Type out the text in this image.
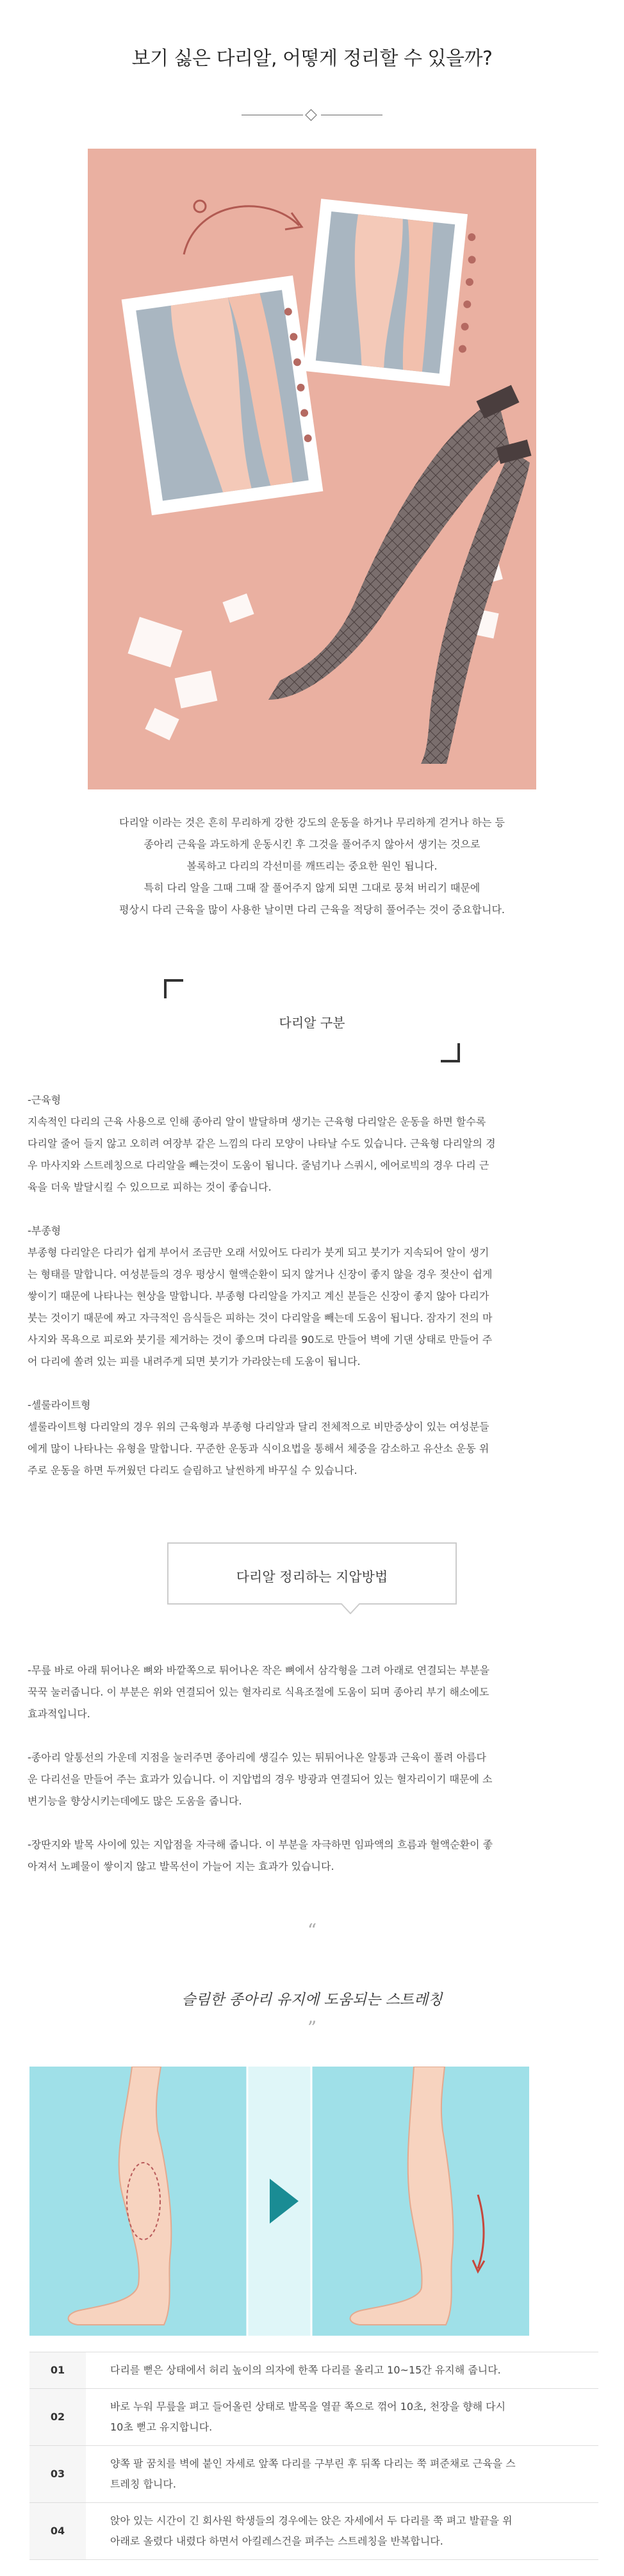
보기 싫은 다리알, 어떻게 정리할 수 있을까?

다리알 이라는 것은 흔히 무리하게 강한 강도의 운동을 하거나 무리하게 걷거나 하는 등

종아리 근육을 과도하게 운동시킨 후 그것을 풀어주지 않아서 생기는 것으로

볼록하고 다리의 각선미를 깨뜨리는 중요한 원인 됩니다.

특히 다리 알을 그때 그때 잘 풀어주지 않게 되면 그대로 뭉쳐 버리기 때문에

평상시 다리 근육을 많이 사용한 날이면 다리 근육을 적당히 풀어주는 것이 중요합니다.

다리알 구분

-근육형

지속적인 다리의 근육 사용으로 인해 종아리 알이 발달하며 생기는 근육형 다리알은 운동을 하면 할수록

다리알 줄어 들지 않고 오히려 여장부 같은 느낌의 다리 모양이 나타날 수도 있습니다. 근육형 다리알의 경

우 마사지와 스트레칭으로 다리알을 빼는것이 도움이 됩니다. 줄넘기나 스쿼시, 에어로빅의 경우 다리 근

육을 더욱 발달시킬 수 있으므로 피하는 것이 좋습니다.

-부종형

부종형 다리알은 다리가 쉽게 부어서 조금만 오래 서있어도 다리가 붓게 되고 붓기가 지속되어 알이 생기

는 형태를 말합니다. 여성분들의 경우 평상시 혈액순환이 되지 않거나 신장이 좋지 않을 경우 젖산이 쉽게

쌓이기 때문에 나타나는 현상을 말합니다. 부종형 다리알을 가지고 계신 분들은 신장이 좋지 않아 다리가

붓는 것이기 때문에 짜고 자극적인 음식들은 피하는 것이 다리알을 빼는데 도움이 됩니다. 잠자기 전의 마

사지와 목욕으로 피로와 붓기를 제거하는 것이 좋으며 다리를 90도로 만들어 벽에 기댄 상태로 만들어 주

어 다리에 쏠려 있는 피를 내려주게 되면 붓기가 가라앉는데 도움이 됩니다.

-셀룰라이트형

셀룰라이트형 다리알의 경우 위의 근육형과 부종형 다리알과 달리 전체적으로 비만증상이 있는 여성분들

에게 많이 나타나는 유형을 말합니다. 꾸준한 운동과 식이요법을 통해서 체중을 감소하고 유산소 운동 위

주로 운동을 하면 두꺼웠던 다리도 슬림하고 날씬하게 바꾸실 수 있습니다.

다리알 정리하는 지압방법

-무릎 바로 아래 튀어나온 뼈와 바깥쪽으로 튀어나온 작은 뼈에서 삼각형을 그려 아래로 연결되는 부분을

꾹꾹 눌러줍니다. 이 부분은 위와 연결되어 있는 혈자리로 식욕조절에 도움이 되며 종아리 부기 해소에도

효과적입니다.

-종아리 알통선의 가운데 지점을 눌러주면 종아리에 생길수 있는 튀튀어나온 알통과 근육이 풀려 아름다

운 다리선을 만들어 주는 효과가 있습니다. 이 지압법의 경우 방광과 연결되어 있는 혈자리이기 때문에 소

변기능을 향상시키는데에도 많은 도움을 줍니다.

-장딴지와 발목 사이에 있는 지압점을 자극해 줍니다. 이 부분을 자극하면 임파액의 흐름과 혈액순환이 좋

아져서 노폐물이 쌓이지 않고 발목선이 가늘어 지는 효과가 있습니다.

“
슬림한 종아리 유지에 도움되는 스트레칭
”
01	다리를 뻗은 상태에서 허리 높이의 의자에 한쪽 다리를 올리고 10~15간 유지해 줍니다.

02	바로 누워 무릎을 펴고 들어올린 상태로 발목을 열끝 쪽으로 꺾어 10초, 천장을 향해 다시
10초 뻗고 유지합니다.

03	양쪽 팔 꿈치를 벽에 붙인 자세로 앞쪽 다리를 구부린 후 뒤쪽 다리는 쭉 펴준채로 근육을 스
트레칭 합니다.

04	앉아 있는 시간이 긴 회사원 학생들의 경우에는 앉은 자세에서 두 다리를 쭉 펴고 발끝을 위
아래로 올렸다 내렸다 하면서 아킬레스건을 펴주는 스트레칭을 반복합니다.
